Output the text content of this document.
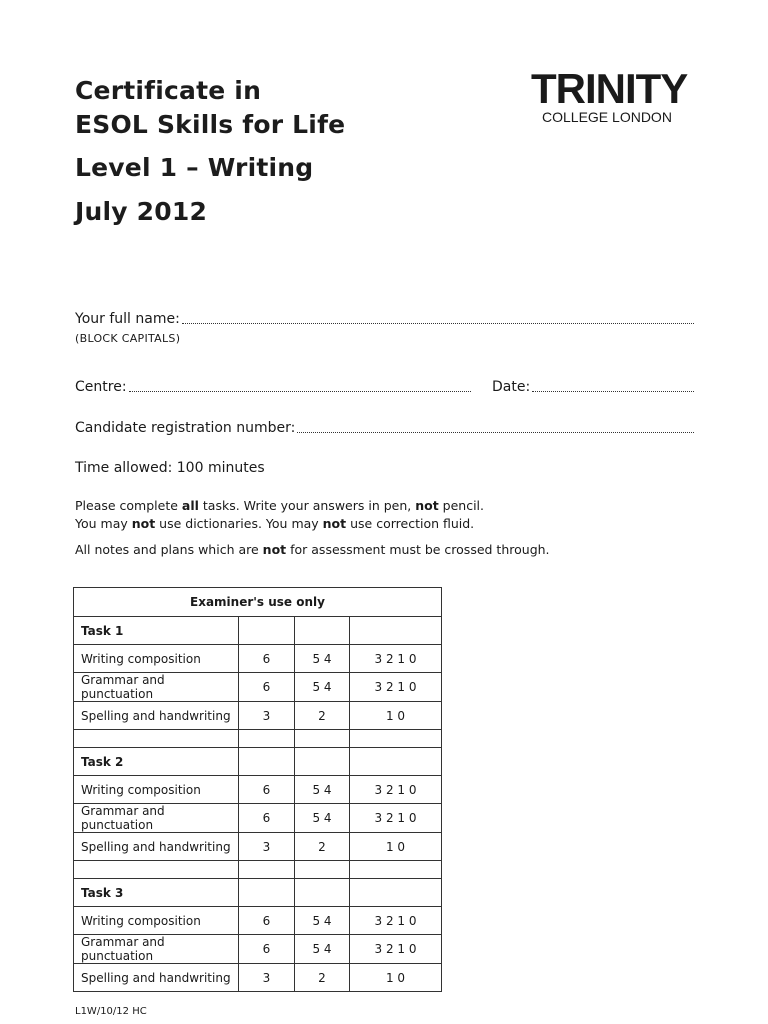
Certificate in
ESOL Skills for Life
Level 1 – Writing
July 2012
TRINITY
COLLEGE LONDON
Your full name:
(BLOCK CAPITALS)
Centre:	Date:
Candidate registration number:
Time allowed: 100 minutes
Please complete all tasks. Write your answers in pen, not pencil.
You may not use dictionaries. You may not use correction fluid.
All notes and plans which are not for assessment must be crossed through.
Examiner's use only			
Task 1			
Writing composition	6	5 4	3 2 1 0
Grammar and punctuation	6	5 4	3 2 1 0
Spelling and handwriting	3	2	1 0

Task 2			
Writing composition	6	5 4	3 2 1 0
Grammar and punctuation	6	5 4	3 2 1 0
Spelling and handwriting	3	2	1 0

Task 3			
Writing composition	6	5 4	3 2 1 0
Grammar and punctuation	6	5 4	3 2 1 0
Spelling and handwriting	3	2	1 0
L1W/10/12 HC
